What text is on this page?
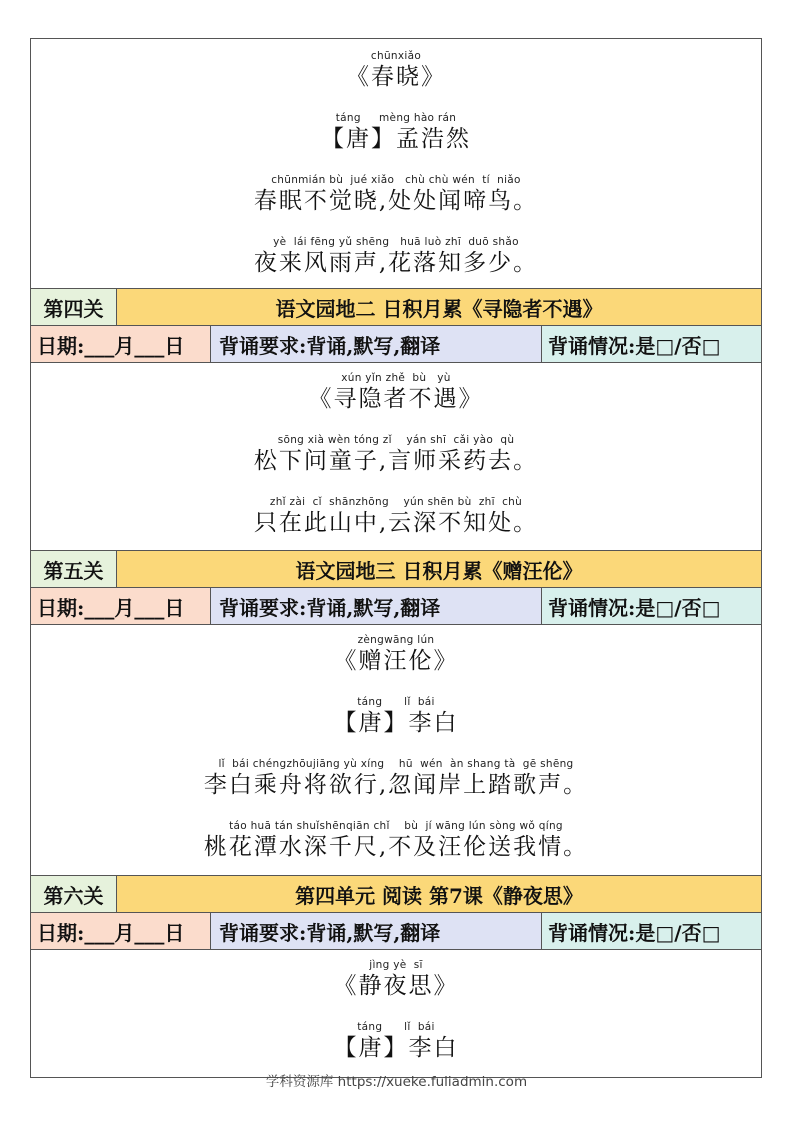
chūnxiǎo
《春晓》
táng     mèng hào rán
【唐】孟浩然
chūnmián bù  jué xiǎo   chù chù wén  tí  niǎo
春眠不觉晓,处处闻啼鸟。
yè  lái fēng yǔ shēng   huā luò zhī  duō shǎo
夜来风雨声,花落知多少。
第四关	语文园地二 日积月累《寻隐者不遇》
日期:___月___日	背诵要求:背诵,默写,翻译	背诵情况:是□/否□
xún yǐn zhě  bù   yù
《寻隐者不遇》
sōng xià wèn tóng zǐ    yán shī  cǎi yào  qù
松下问童子,言师采药去。
zhǐ zài  cǐ  shānzhōng    yún shēn bù  zhī  chù
只在此山中,云深不知处。
第五关	语文园地三 日积月累《赠汪伦》
日期:___月___日	背诵要求:背诵,默写,翻译	背诵情况:是□/否□
zèngwāng lún
《赠汪伦》
táng      lǐ  bái
【唐】李白
lǐ  bái chéngzhōujiāng yù xíng    hū  wén  àn shang tà  gē shēng
李白乘舟将欲行,忽闻岸上踏歌声。
táo huā tán shuǐshēnqiān chǐ    bù  jí wāng lún sòng wǒ qíng
桃花潭水深千尺,不及汪伦送我情。
第六关	第四单元 阅读 第7课《静夜思》
日期:___月___日	背诵要求:背诵,默写,翻译	背诵情况:是□/否□
jìng yè  sī
《静夜思》
táng      lǐ  bái
【唐】李白
学科资源库 https://xueke.fuliadmin.com
